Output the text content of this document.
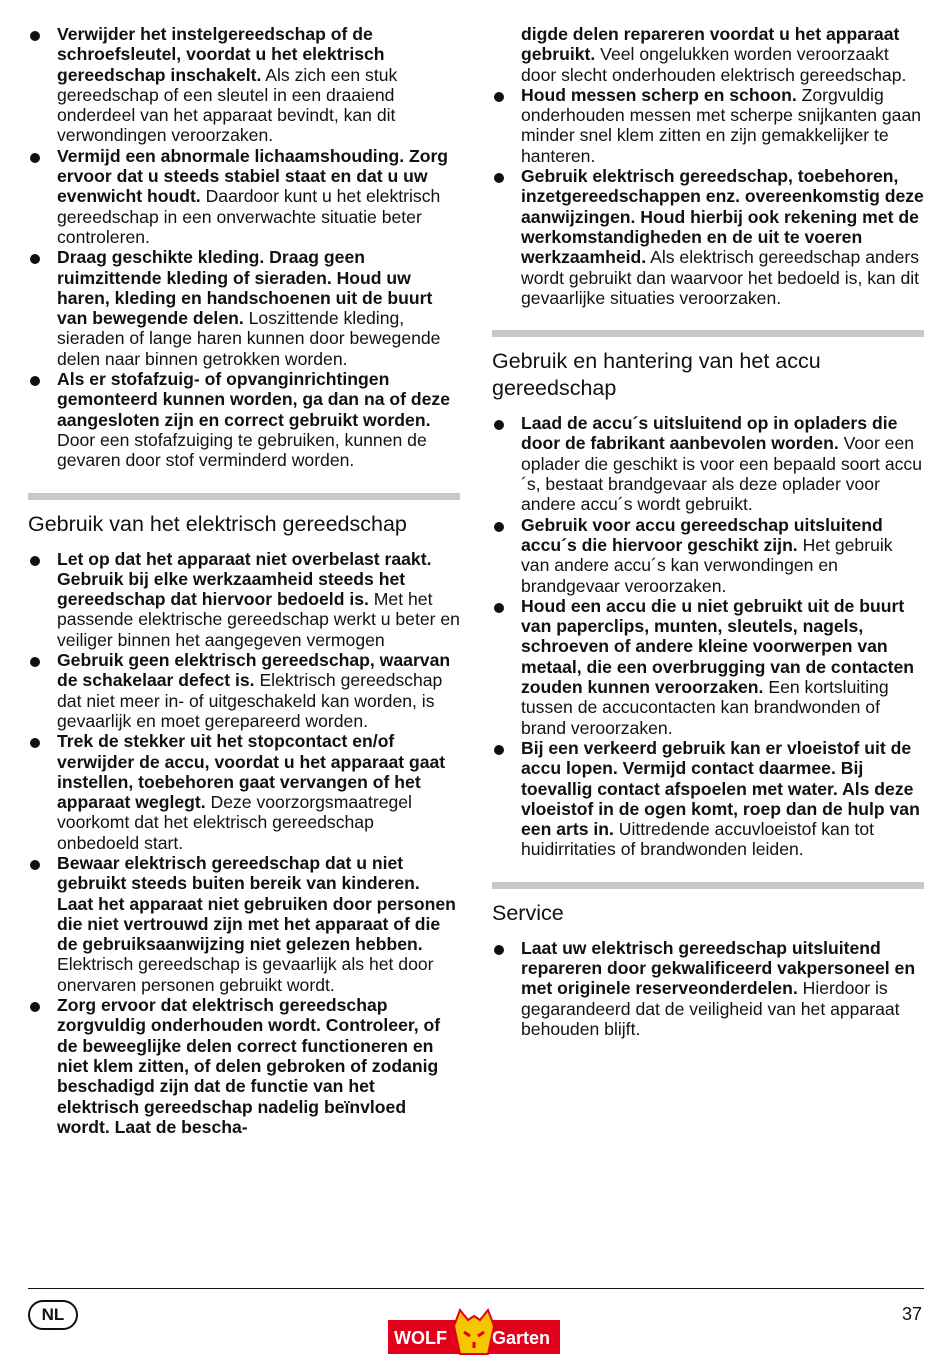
Verwijder het instelgereedschap of de schroefsleutel, voordat u het elektrisch gereedschap inschakelt. Als zich een stuk gereedschap of een sleutel in een draaiend onderdeel van het apparaat bevindt, kan dit verwondingen veroorzaken.
Vermijd een abnormale lichaamshouding. Zorg ervoor dat u steeds stabiel staat en dat u uw evenwicht houdt. Daardoor kunt u het elektrisch gereedschap in een onverwachte situatie beter controleren.
Draag geschikte kleding. Draag geen ruimzittende kleding of sieraden. Houd uw haren, kleding en handschoenen uit de buurt van bewegende delen. Loszittende kleding, sieraden of lange haren kunnen door bewegende delen naar binnen getrokken worden.
Als er stofafzuig- of opvanginrichtingen gemonteerd kunnen worden, ga dan na of deze aangesloten zijn en correct gebruikt worden. Door een stofafzuiging te gebruiken, kunnen de gevaren door stof verminderd worden.
Gebruik van het elektrisch gereedschap
Let op dat het apparaat niet overbelast raakt. Gebruik bij elke werkzaamheid steeds het gereedschap dat hiervoor bedoeld is. Met het passende elektrische gereedschap werkt u beter en veiliger binnen het aangegeven vermogen
Gebruik geen elektrisch gereedschap, waarvan de schakelaar defect is. Elektrisch gereedschap dat niet meer in- of uitgeschakeld kan worden, is gevaarlijk en moet gerepareerd worden.
Trek de stekker uit het stopcontact en/of verwijder de accu, voordat u het apparaat gaat instellen, toebehoren gaat vervangen of het apparaat weglegt. Deze voorzorgsmaatregel voorkomt dat het elektrisch gereedschap onbedoeld start.
Bewaar elektrisch gereedschap dat u niet gebruikt steeds buiten bereik van kinderen. Laat het apparaat niet gebruiken door personen die niet vertrouwd zijn met het apparaat of die de gebruiksaanwijzing niet gelezen hebben. Elektrisch gereedschap is gevaarlijk als het door onervaren personen gebruikt wordt.
Zorg ervoor dat elektrisch gereedschap zorgvuldig onderhouden wordt. Controleer, of de beweeglijke delen correct functioneren en niet klem zitten, of delen gebroken of zodanig beschadigd zijn dat de functie van het elektrisch gereedschap nadelig beïnvloed wordt. Laat de bescha-

digde delen repareren voordat u het apparaat gebruikt. Veel ongelukken worden veroorzaakt door slecht onderhouden elektrisch gereedschap.

Houd messen scherp en schoon. Zorgvuldig onderhouden messen met scherpe snijkanten gaan minder snel klem zitten en zijn gemakkelijker te hanteren.
Gebruik elektrisch gereedschap, toebehoren, inzetgereedschappen enz. overeenkomstig deze aanwijzingen. Houd hierbij ook rekening met de werkomstandigheden en de uit te voeren werkzaamheid. Als elektrisch gereedschap anders wordt gebruikt dan waarvoor het bedoeld is, kan dit gevaarlijke situaties veroorzaken.
Gebruik en hantering van het accu gereedschap
Laad de accu´s uitsluitend op in opladers die door de fabrikant aanbevolen worden. Voor een oplader die geschikt is voor een bepaald soort accu´s, bestaat brandgevaar als deze oplader voor andere accu´s wordt gebruikt.
Gebruik voor accu gereedschap uitsluitend accu´s die hiervoor geschikt zijn. Het gebruik van andere accu´s kan verwondingen en brandgevaar veroorzaken.
Houd een accu die u niet gebruikt uit de buurt van paperclips, munten, sleutels, nagels, schroeven of andere kleine voorwerpen van metaal, die een overbrugging van de contacten zouden kunnen veroorzaken. Een kortsluiting tussen de accucontacten kan brandwonden of brand veroorzaken.
Bij een verkeerd gebruik kan er vloeistof uit de accu lopen. Vermijd contact daarmee. Bij toevallig contact afspoelen met water. Als deze vloeistof in de ogen komt, roep dan de hulp van een arts in. Uittredende accuvloeistof kan tot huidirritaties of brandwonden leiden.
Service
Laat uw elektrisch gereedschap uitsluitend repareren door gekwalificeerd vakpersoneel en met originele reserveonderdelen. Hierdoor is gegarandeerd dat de veiligheid van het apparaat behouden blijft.
NL	37
WOLF	Garten
